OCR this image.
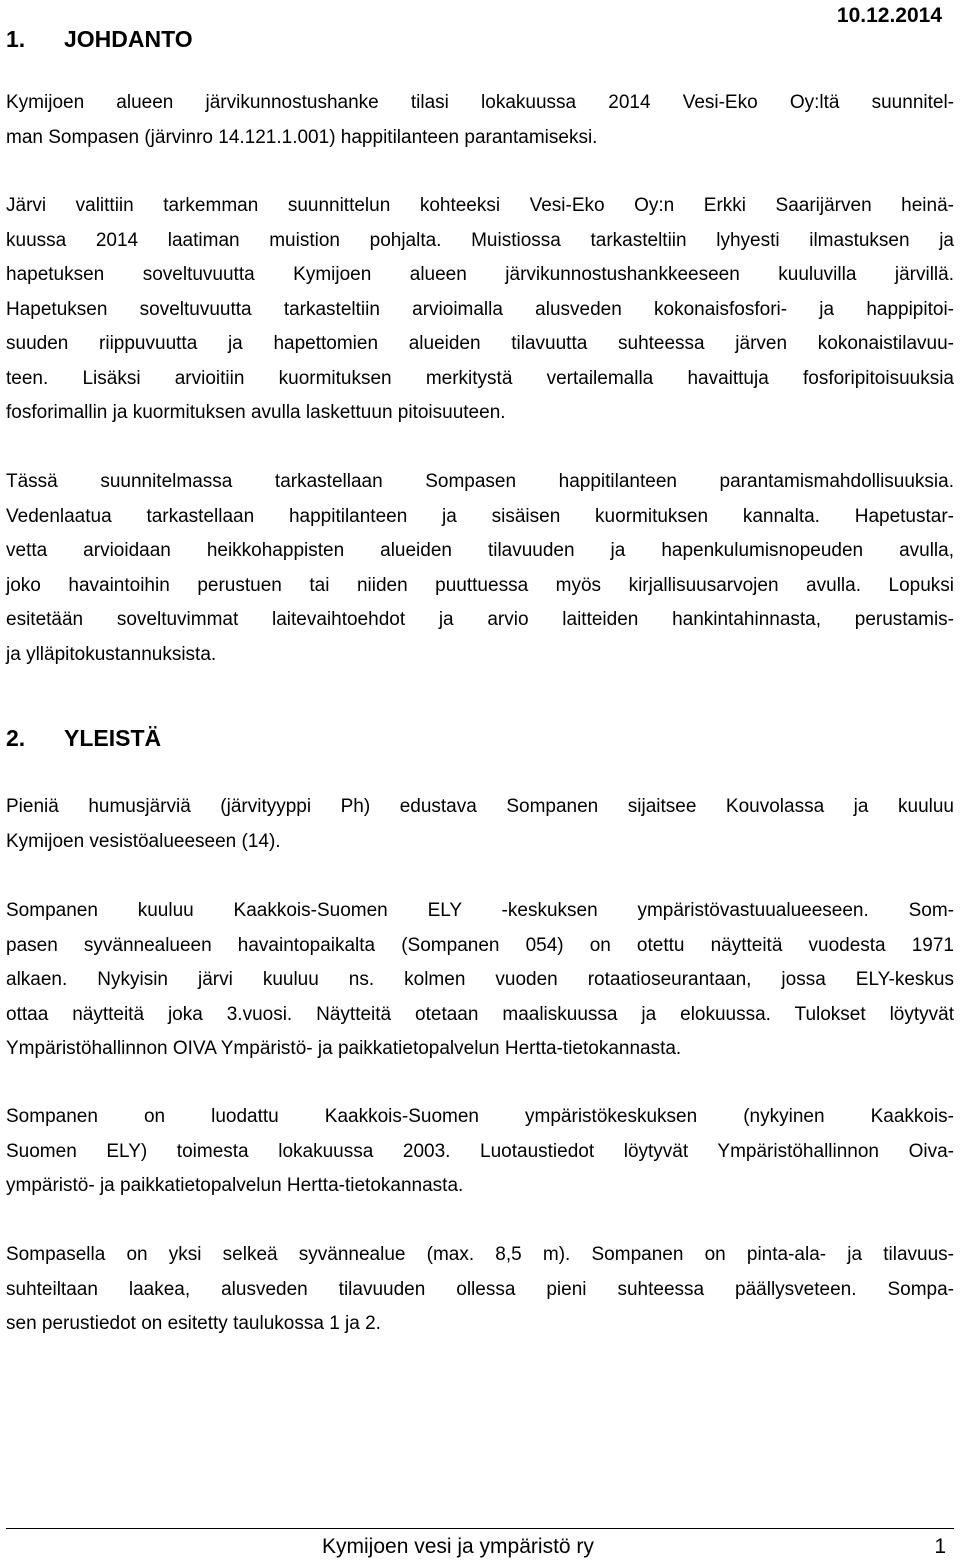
10.12.2014
1. JOHDANTO
Kymijoen alueen järvikunnostushanke tilasi lokakuussa 2014 Vesi-Eko Oy:ltä suunnitel-
man Sompasen (järvinro 14.121.1.001) happitilanteen parantamiseksi.
Järvi valittiin tarkemman suunnittelun kohteeksi Vesi-Eko Oy:n Erkki Saarijärven heinä-
kuussa 2014 laatiman muistion pohjalta. Muistiossa tarkasteltiin lyhyesti ilmastuksen ja
hapetuksen soveltuvuutta Kymijoen alueen järvikunnostushankkeeseen kuuluvilla järvillä.
Hapetuksen soveltuvuutta tarkasteltiin arvioimalla alusveden kokonaisfosfori- ja happipitoi-
suuden riippuvuutta ja hapettomien alueiden tilavuutta suhteessa järven kokonaistilavuu-
teen. Lisäksi arvioitiin kuormituksen merkitystä vertailemalla havaittuja fosforipitoisuuksia
fosforimallin ja kuormituksen avulla laskettuun pitoisuuteen.
Tässä suunnitelmassa tarkastellaan Sompasen happitilanteen parantamismahdollisuuksia.
Vedenlaatua tarkastellaan happitilanteen ja sisäisen kuormituksen kannalta. Hapetustar-
vetta arvioidaan heikkohappisten alueiden tilavuuden ja hapenkulumisnopeuden avulla,
joko havaintoihin perustuen tai niiden puuttuessa myös kirjallisuusarvojen avulla. Lopuksi
esitetään soveltuvimmat laitevaihtoehdot ja arvio laitteiden hankintahinnasta, perustamis-
ja ylläpitokustannuksista.
2. YLEISTÄ
Pieniä humusjärviä (järvityyppi Ph) edustava Sompanen sijaitsee Kouvolassa ja kuuluu
Kymijoen vesistöalueeseen (14).
Sompanen kuuluu Kaakkois-Suomen ELY -keskuksen ympäristövastuualueeseen. Som-
pasen syvännealueen havaintopaikalta (Sompanen 054) on otettu näytteitä vuodesta 1971
alkaen. Nykyisin järvi kuuluu ns. kolmen vuoden rotaatioseurantaan, jossa ELY-keskus
ottaa näytteitä joka 3.vuosi. Näytteitä otetaan maaliskuussa ja elokuussa. Tulokset löytyvät
Ympäristöhallinnon OIVA Ympäristö- ja paikkatietopalvelun Hertta-tietokannasta.
Sompanen on luodattu Kaakkois-Suomen ympäristökeskuksen (nykyinen Kaakkois-
Suomen ELY) toimesta lokakuussa 2003. Luotaustiedot löytyvät Ympäristöhallinnon Oiva-
ympäristö- ja paikkatietopalvelun Hertta-tietokannasta.
Sompasella on yksi selkeä syvännealue (max. 8,5 m). Sompanen on pinta-ala- ja tilavuus-
suhteiltaan laakea, alusveden tilavuuden ollessa pieni suhteessa päällysveteen. Sompa-
sen perustiedot on esitetty taulukossa 1 ja 2.
Kymijoen vesi ja ympäristö ry	1
